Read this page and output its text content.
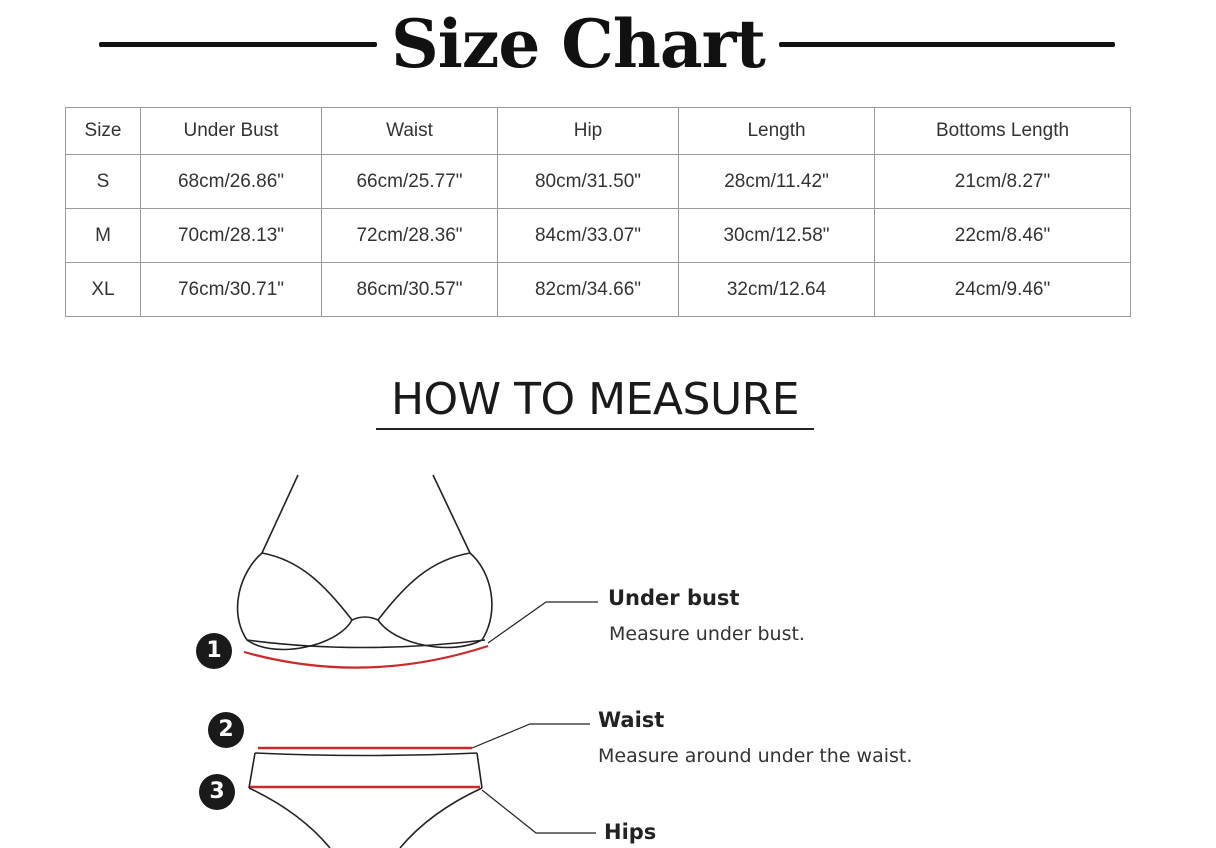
Size Chart
Size	Under Bust	Waist	Hip	Length	Bottoms Length
S	68cm/26.86"	66cm/25.77"	80cm/31.50"	28cm/11.42"	21cm/8.27"
M	70cm/28.13"	72cm/28.36"	84cm/33.07"	30cm/12.58"	22cm/8.46"
XL	76cm/30.71"	86cm/30.57"	82cm/34.66"	32cm/12.64	24cm/9.46"
HOW TO MEASURE
1
2
3
Under bust
Measure under bust.
Waist
Measure around under the waist.
Hips
